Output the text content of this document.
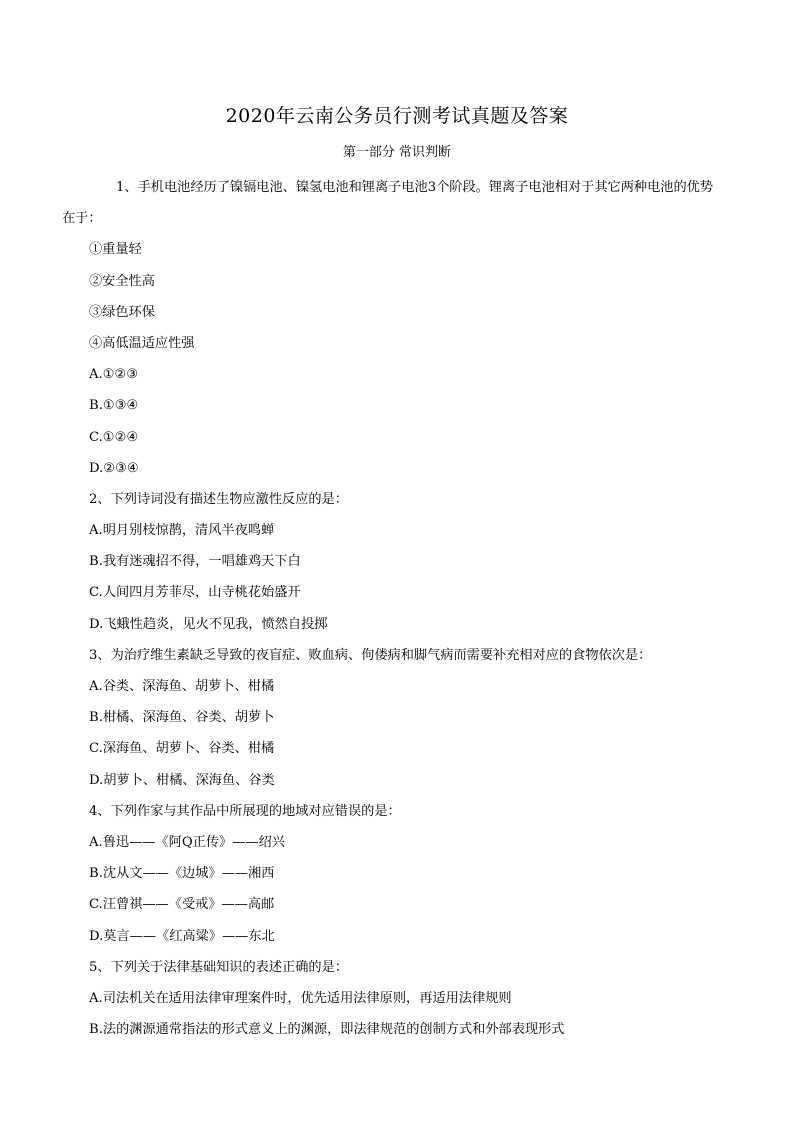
2020年云南公务员行测考试真题及答案
第一部分 常识判断
1、手机电池经历了镍镉电池、镍氢电池和锂离子电池3个阶段。锂离子电池相对于其它两种电池的优势
在于：
①重量轻
②安全性高
③绿色环保
④高低温适应性强
A.①②③
B.①③④
C.①②④
D.②③④
2、下列诗词没有描述生物应激性反应的是：
A.明月别枝惊鹊，清风半夜鸣蝉
B.我有迷魂招不得，一唱雄鸡天下白
C.人间四月芳菲尽，山寺桃花始盛开
D.飞蛾性趋炎，见火不见我，愤然自投掷
3、为治疗维生素缺乏导致的夜盲症、败血病、佝偻病和脚气病而需要补充相对应的食物依次是：
A.谷类、深海鱼、胡萝卜、柑橘
B.柑橘、深海鱼、谷类、胡萝卜
C.深海鱼、胡萝卜、谷类、柑橘
D.胡萝卜、柑橘、深海鱼、谷类
4、下列作家与其作品中所展现的地域对应错误的是：
A.鲁迅——《阿Q正传》——绍兴
B.沈从文——《边城》——湘西
C.汪曾祺——《受戒》——高邮
D.莫言——《红高粱》——东北
5、下列关于法律基础知识的表述正确的是：
A.司法机关在适用法律审理案件时，优先适用法律原则，再适用法律规则
B.法的渊源通常指法的形式意义上的渊源，即法律规范的创制方式和外部表现形式
